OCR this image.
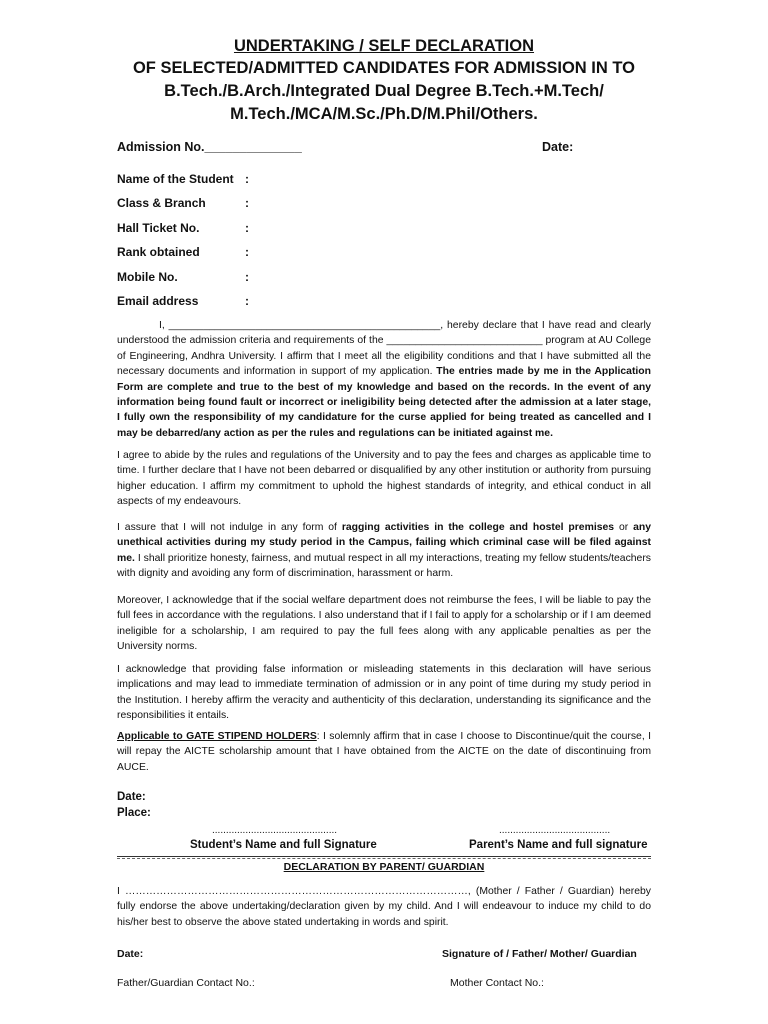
UNDERTAKING / SELF DECLARATION
OF SELECTED/ADMITTED CANDIDATES FOR ADMISSION IN TO
B.Tech./B.Arch./Integrated Dual Degree B.Tech.+M.Tech/
M.Tech./MCA/M.Sc./Ph.D/M.Phil/Others.
Admission No.______________	Date:
Name of the Student :
Class & Branch	:
Hall Ticket No.	:
Rank obtained	:
Mobile No.	:
Email address	:
I, _______________________________________________, hereby declare that I have read and clearly understood the admission criteria and requirements of the ___________________________ program at AU College of Engineering, Andhra University. I affirm that I meet all the eligibility conditions and that I have submitted all the necessary documents and information in support of my application. The entries made by me in the Application Form are complete and true to the best of my knowledge and based on the records. In the event of any information being found fault or incorrect or ineligibility being detected after the admission at a later stage, I fully own the responsibility of my candidature for the curse applied for being treated as cancelled and I may be debarred/any action as per the rules and regulations can be initiated against me.
I agree to abide by the rules and regulations of the University and to pay the fees and charges as applicable time to time. I further declare that I have not been debarred or disqualified by any other institution or authority from pursuing higher education. I affirm my commitment to uphold the highest standards of integrity, and ethical conduct in all aspects of my endeavours.
I assure that I will not indulge in any form of ragging activities in the college and hostel premises or any unethical activities during my study period in the Campus, failing which criminal case will be filed against me. I shall prioritize honesty, fairness, and mutual respect in all my interactions, treating my fellow students/teachers with dignity and avoiding any form of discrimination, harassment or harm.
Moreover, I acknowledge that if the social welfare department does not reimburse the fees, I will be liable to pay the full fees in accordance with the regulations. I also understand that if I fail to apply for a scholarship or if I am deemed ineligible for a scholarship, I am required to pay the full fees along with any applicable penalties as per the University norms.
I acknowledge that providing false information or misleading statements in this declaration will have serious implications and may lead to immediate termination of admission or in any point of time during my study period in the Institution. I hereby affirm the veracity and authenticity of this declaration, understanding its significance and the responsibilities it entails.
Applicable to GATE STIPEND HOLDERS: I solemnly affirm that in case I choose to Discontinue/quit the course, I will repay the AICTE scholarship amount that I have obtained from the AICTE on the date of discontinuing from AUCE.
Date:
Place:
.............................................	........................................
Student’s Name and full Signature	Parent’s Name and full signature
DECLARATION BY PARENT/ GUARDIAN
I ………………………………………………………………………………………, (Mother / Father / Guardian) hereby fully endorse the above undertaking/declaration given by my child. And I will endeavour to induce my child to do his/her best to observe the above stated undertaking in words and spirit.
Date:	Signature of / Father/ Mother/ Guardian
Father/Guardian Contact No.:	Mother Contact No.:
